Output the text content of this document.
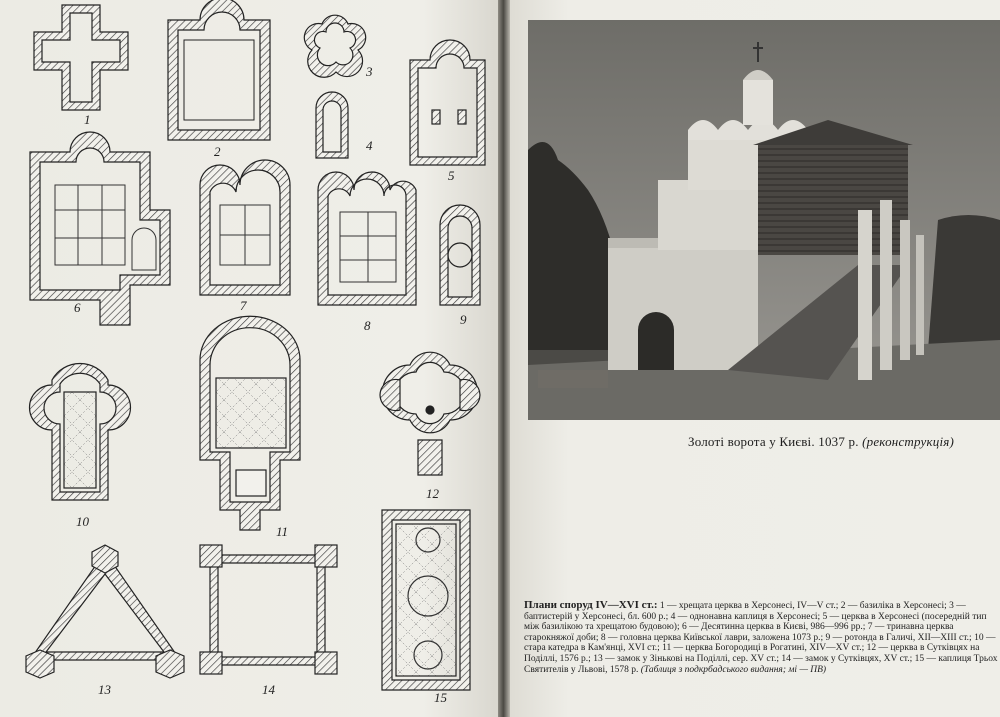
1
2
3
4
5
6	7
8	9
10
11
12
13	14
15
Золоті ворота у Києві. 1037 р. (реконструкція)
Плани споруд IV—XVI ст.: 1 — хрещата церква в Херсонесі, IV—V ст.; 2 — базиліка в Херсонесі; 3 — баптистерій у Херсонесі, бл. 600 р.; 4 — однонавна каплиця в Херсонесі; 5 — церква в Херсонесі (посередній тип між базилікою та хрещатою будовою); 6 — Десятинна церква в Києві, 986—996 рр.; 7 — тринавна церква старокняжої доби; 8 — головна церква Київської лаври, заложена 1073 р.; 9 — ротонда в Галичі, XII—XIII ст.; 10 — стара катедра в Кам'янці, XVI ст.; 11 — церква Богородиці в Рогатині, XIV—XV ст.; 12 — церква в Сутківцях на Поділлі, 1576 р.; 13 — замок у Зінькові на Поділлі, сер. XV ст.; 14 — замок у Сутківцях, XV ст.; 15 — каплиця Трьох Святителів у Львові, 1578 р. (Таблиця з подкрбадського видання; мі — ПВ)
